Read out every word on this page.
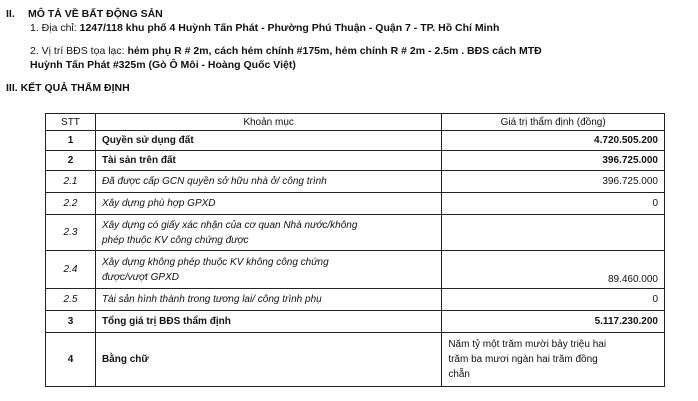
II. MÔ TẢ VỀ BẤT ĐỘNG SẢN
1. Địa chỉ: 1247/118 khu phố 4 Huỳnh Tấn Phát - Phường Phú Thuận - Quận 7 - TP. Hồ Chí Minh
2. Vị trí BĐS tọa lạc: hẻm phụ R # 2m, cách hẻm chính #175m, hẻm chính R # 2m - 2.5m . BĐS cách MTĐ
Huỳnh Tấn Phát #325m (Gò Ô Môi - Hoàng Quốc Việt)
III. KẾT QUẢ THẨM ĐỊNH
STT	Khoản mục	Giá trị thẩm định (đồng)
1	Quyền sử dụng đất	4.720.505.200
2	Tài sản trên đất	396.725.000
2.1	Đã được cấp GCN quyền sở hữu nhà ở/ công trình	396.725.000
2.2	Xây dựng phù hợp GPXD	0
2.3	Xây dựng có giấy xác nhận của cơ quan Nhà nước/không
phép thuộc KV công chứng được	

2.4	Xây dựng không phép thuộc KV không công chứng
được/vượt GPXD	89.460.000
2.5	Tài sản hình thành trong tương lai/ công trình phụ	0
3	Tổng giá trị BĐS thẩm định	5.117.230.200
4	Bằng chữ	Năm tỷ một trăm mười bảy triệu hai
trăm ba mươi ngàn hai trăm đồng
chẵn
